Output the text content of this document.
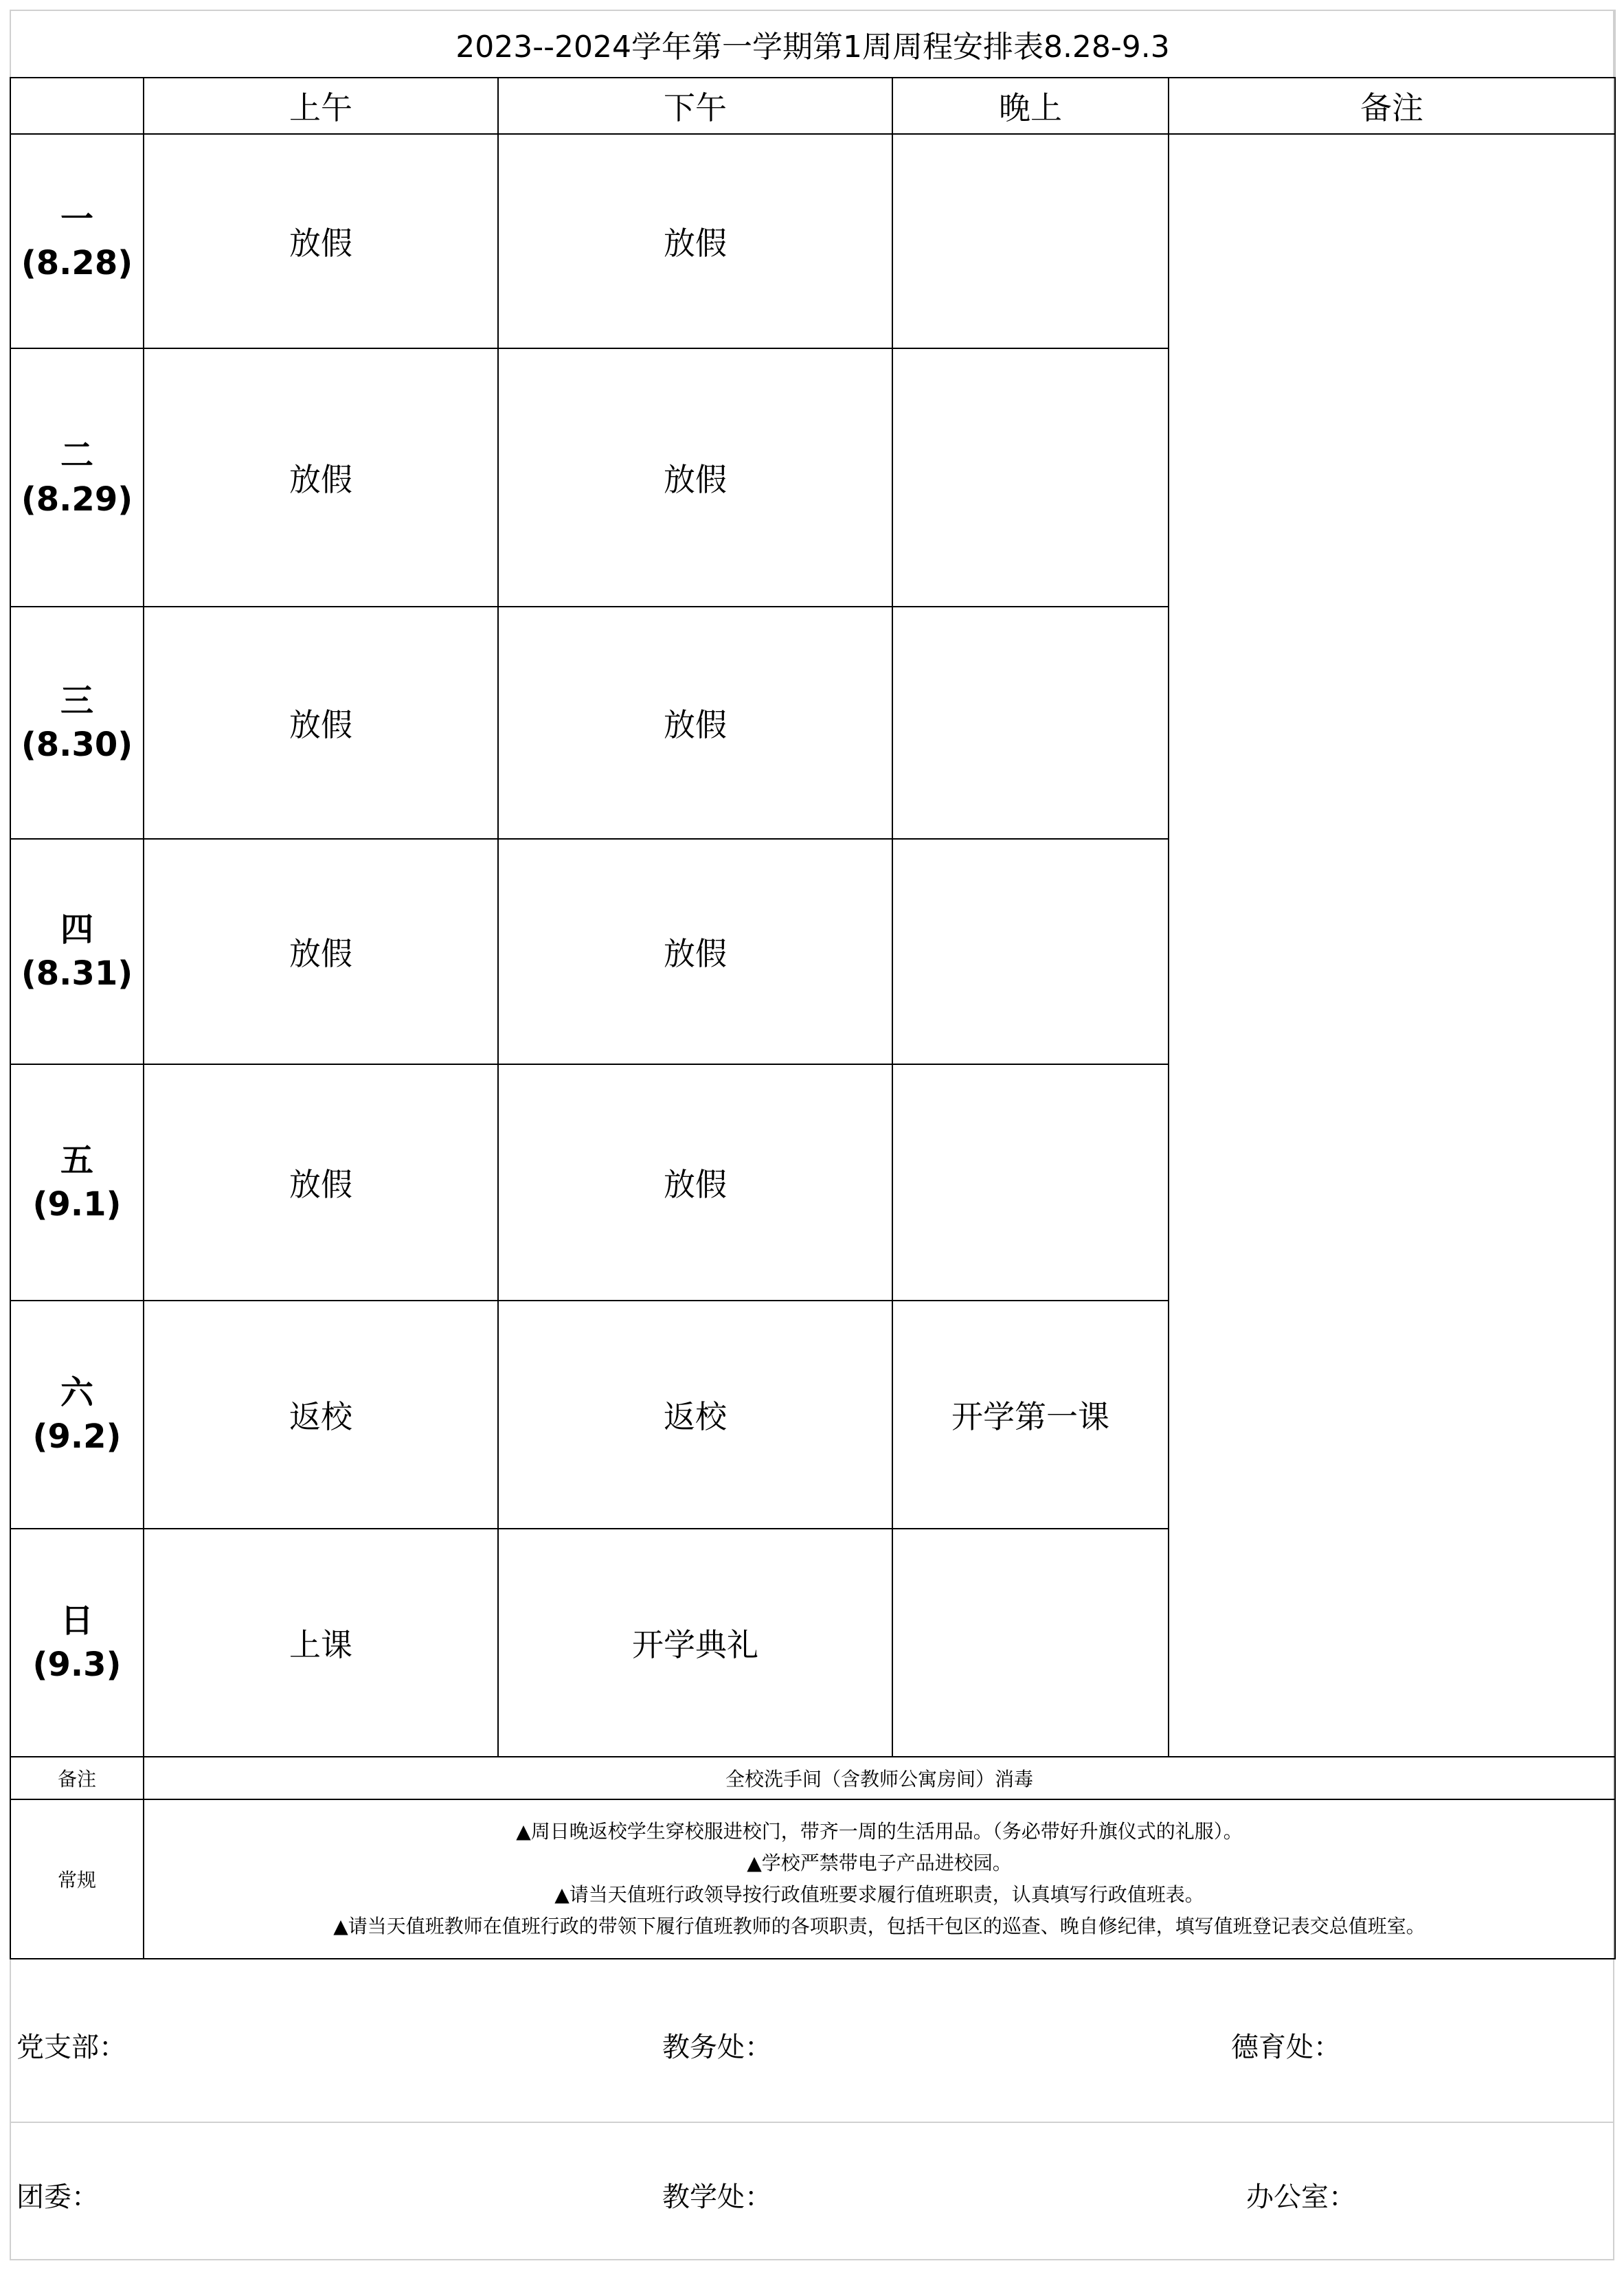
2023--2024学年第一学期第1周周程安排表8.28-9.3				
	上午	下午	晚上	备注
一
(8.28)	放假	放假		
二
(8.29)	放假	放假		
三
(8.30)	放假	放假		
四
(8.31)	放假	放假		
五
(9.1)	放假	放假		
六
(9.2)	返校	返校	开学第一课	
日
(9.3)	上课	开学典礼		
备注	全校洗手间（含教师公寓房间）消毒			
常规	▲周日晚返校学生穿校服进校门，带齐一周的生活用品。（务必带好升旗仪式的礼服）。
▲学校严禁带电子产品进校园。
▲请当天值班行政领导按行政值班要求履行值班职责，认真填写行政值班表。
▲请当天值班教师在值班行政的带领下履行值班教师的各项职责，包括干包区的巡查、晚自修纪律，填写值班登记表交总值班室。			
党支部：	教务处：	德育处：
团委：	教学处：	办公室：
